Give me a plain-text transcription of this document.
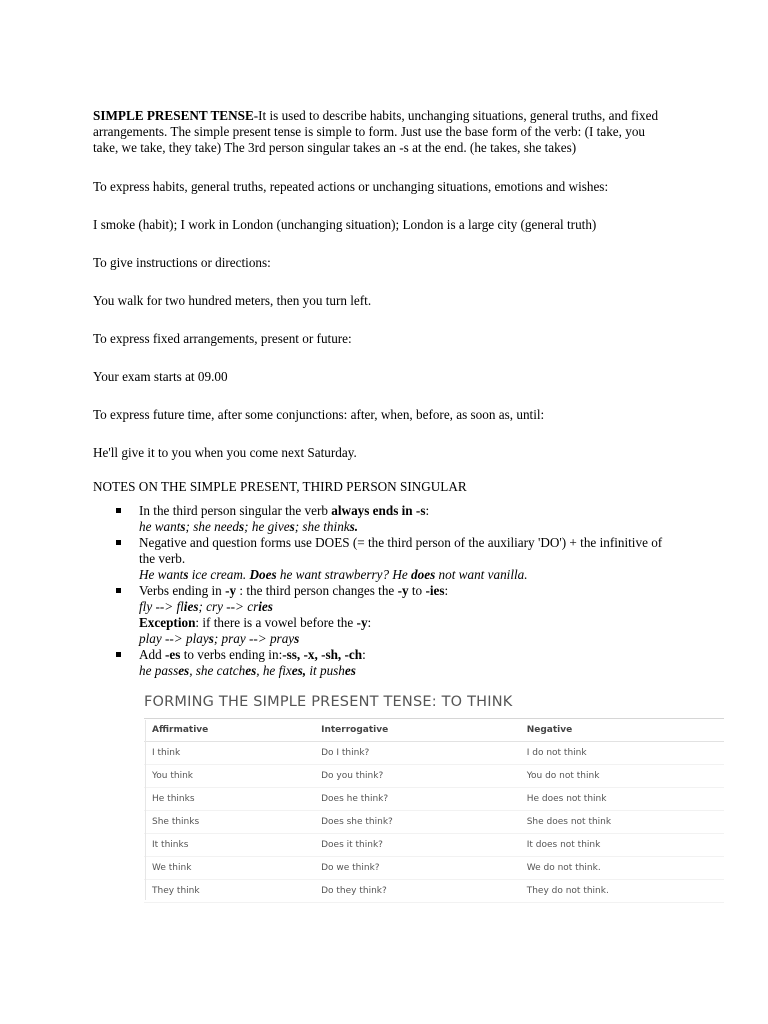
SIMPLE PRESENT TENSE-It is used to describe habits, unchanging situations, general truths, and fixed arrangements. The simple present tense is simple to form. Just use the base form of the verb: (I take, you take, we take, they take) The 3rd person singular takes an -s at the end. (he takes, she takes)

To express habits, general truths, repeated actions or unchanging situations, emotions and wishes:

I smoke (habit); I work in London (unchanging situation); London is a large city (general truth)

To give instructions or directions:

You walk for two hundred meters, then you turn left.

To express fixed arrangements, present or future:

Your exam starts at 09.00

To express future time, after some conjunctions: after, when, before, as soon as, until:

He'll give it to you when you come next Saturday.

NOTES ON THE SIMPLE PRESENT, THIRD PERSON SINGULAR

In the third person singular the verb always ends in -s:
he wants; she needs; he gives; she thinks.
Negative and question forms use DOES (= the third person of the auxiliary 'DO') + the infinitive of the verb.
He wants ice cream. Does he want strawberry? He does not want vanilla.
Verbs ending in -y : the third person changes the -y to -ies:
fly --> flies; cry --> cries
Exception: if there is a vowel before the -y:
play --> plays; pray --> prays
Add -es to verbs ending in:-ss, -x, -sh, -ch:
he passes, she catches, he fixes, it pushes
FORMING THE SIMPLE PRESENT TENSE: TO THINK
Affirmative	Interrogative	Negative
I think	Do I think?	I do not think
You think	Do you think?	You do not think
He thinks	Does he think?	He does not think
She thinks	Does she think?	She does not think
It thinks	Does it think?	It does not think
We think	Do we think?	We do not think.
They think	Do they think?	They do not think.
